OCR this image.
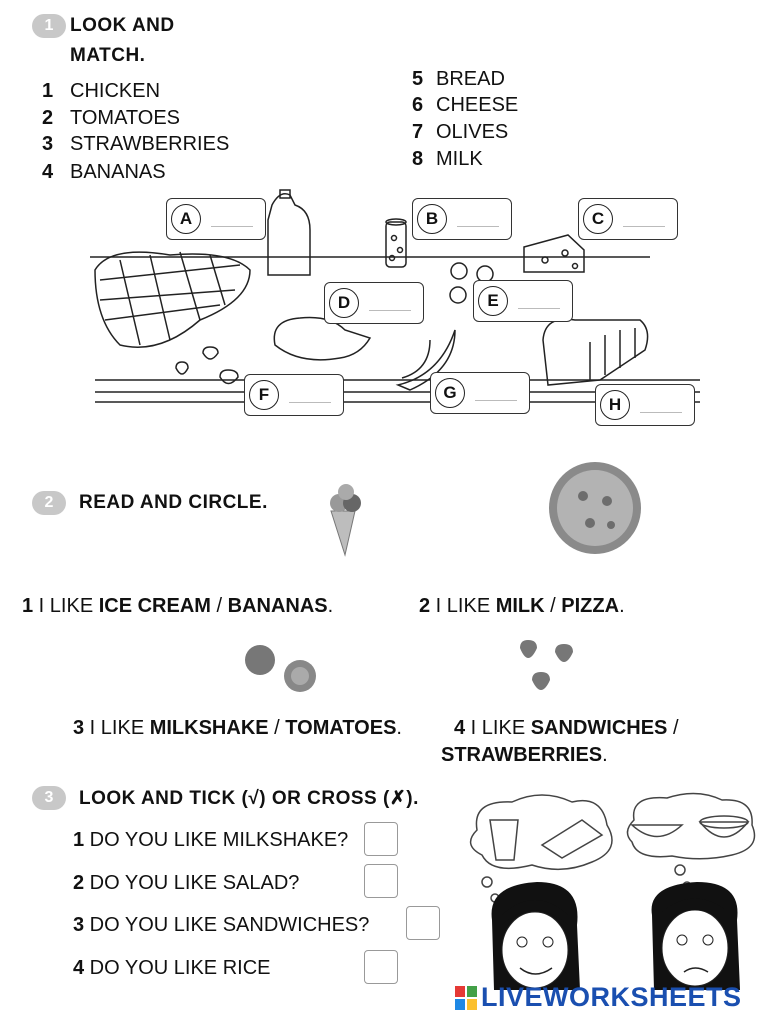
1 LOOK AND
MATCH.
1 CHICKEN
2 TOMATOES
3 STRAWBERRIES
4 BANANAS
5 BREAD
6 CHEESE
7 OLIVES
8 MILK
A	B	C
D	E
F	G
H
2	READ AND CIRCLE.
1 I LIKE ICE CREAM / BANANAS.	2 I LIKE MILK / PIZZA.
3 I LIKE MILKSHAKE / TOMATOES.	4 I LIKE SANDWICHES /
STRAWBERRIES.
3	LOOK AND TICK (√) OR CROSS (✗).
1 DO YOU LIKE MILKSHAKE?
2 DO YOU LIKE SALAD?
3 DO YOU LIKE SANDWICHES?
4 DO YOU LIKE RICE
LIVEWORKSHEETS
